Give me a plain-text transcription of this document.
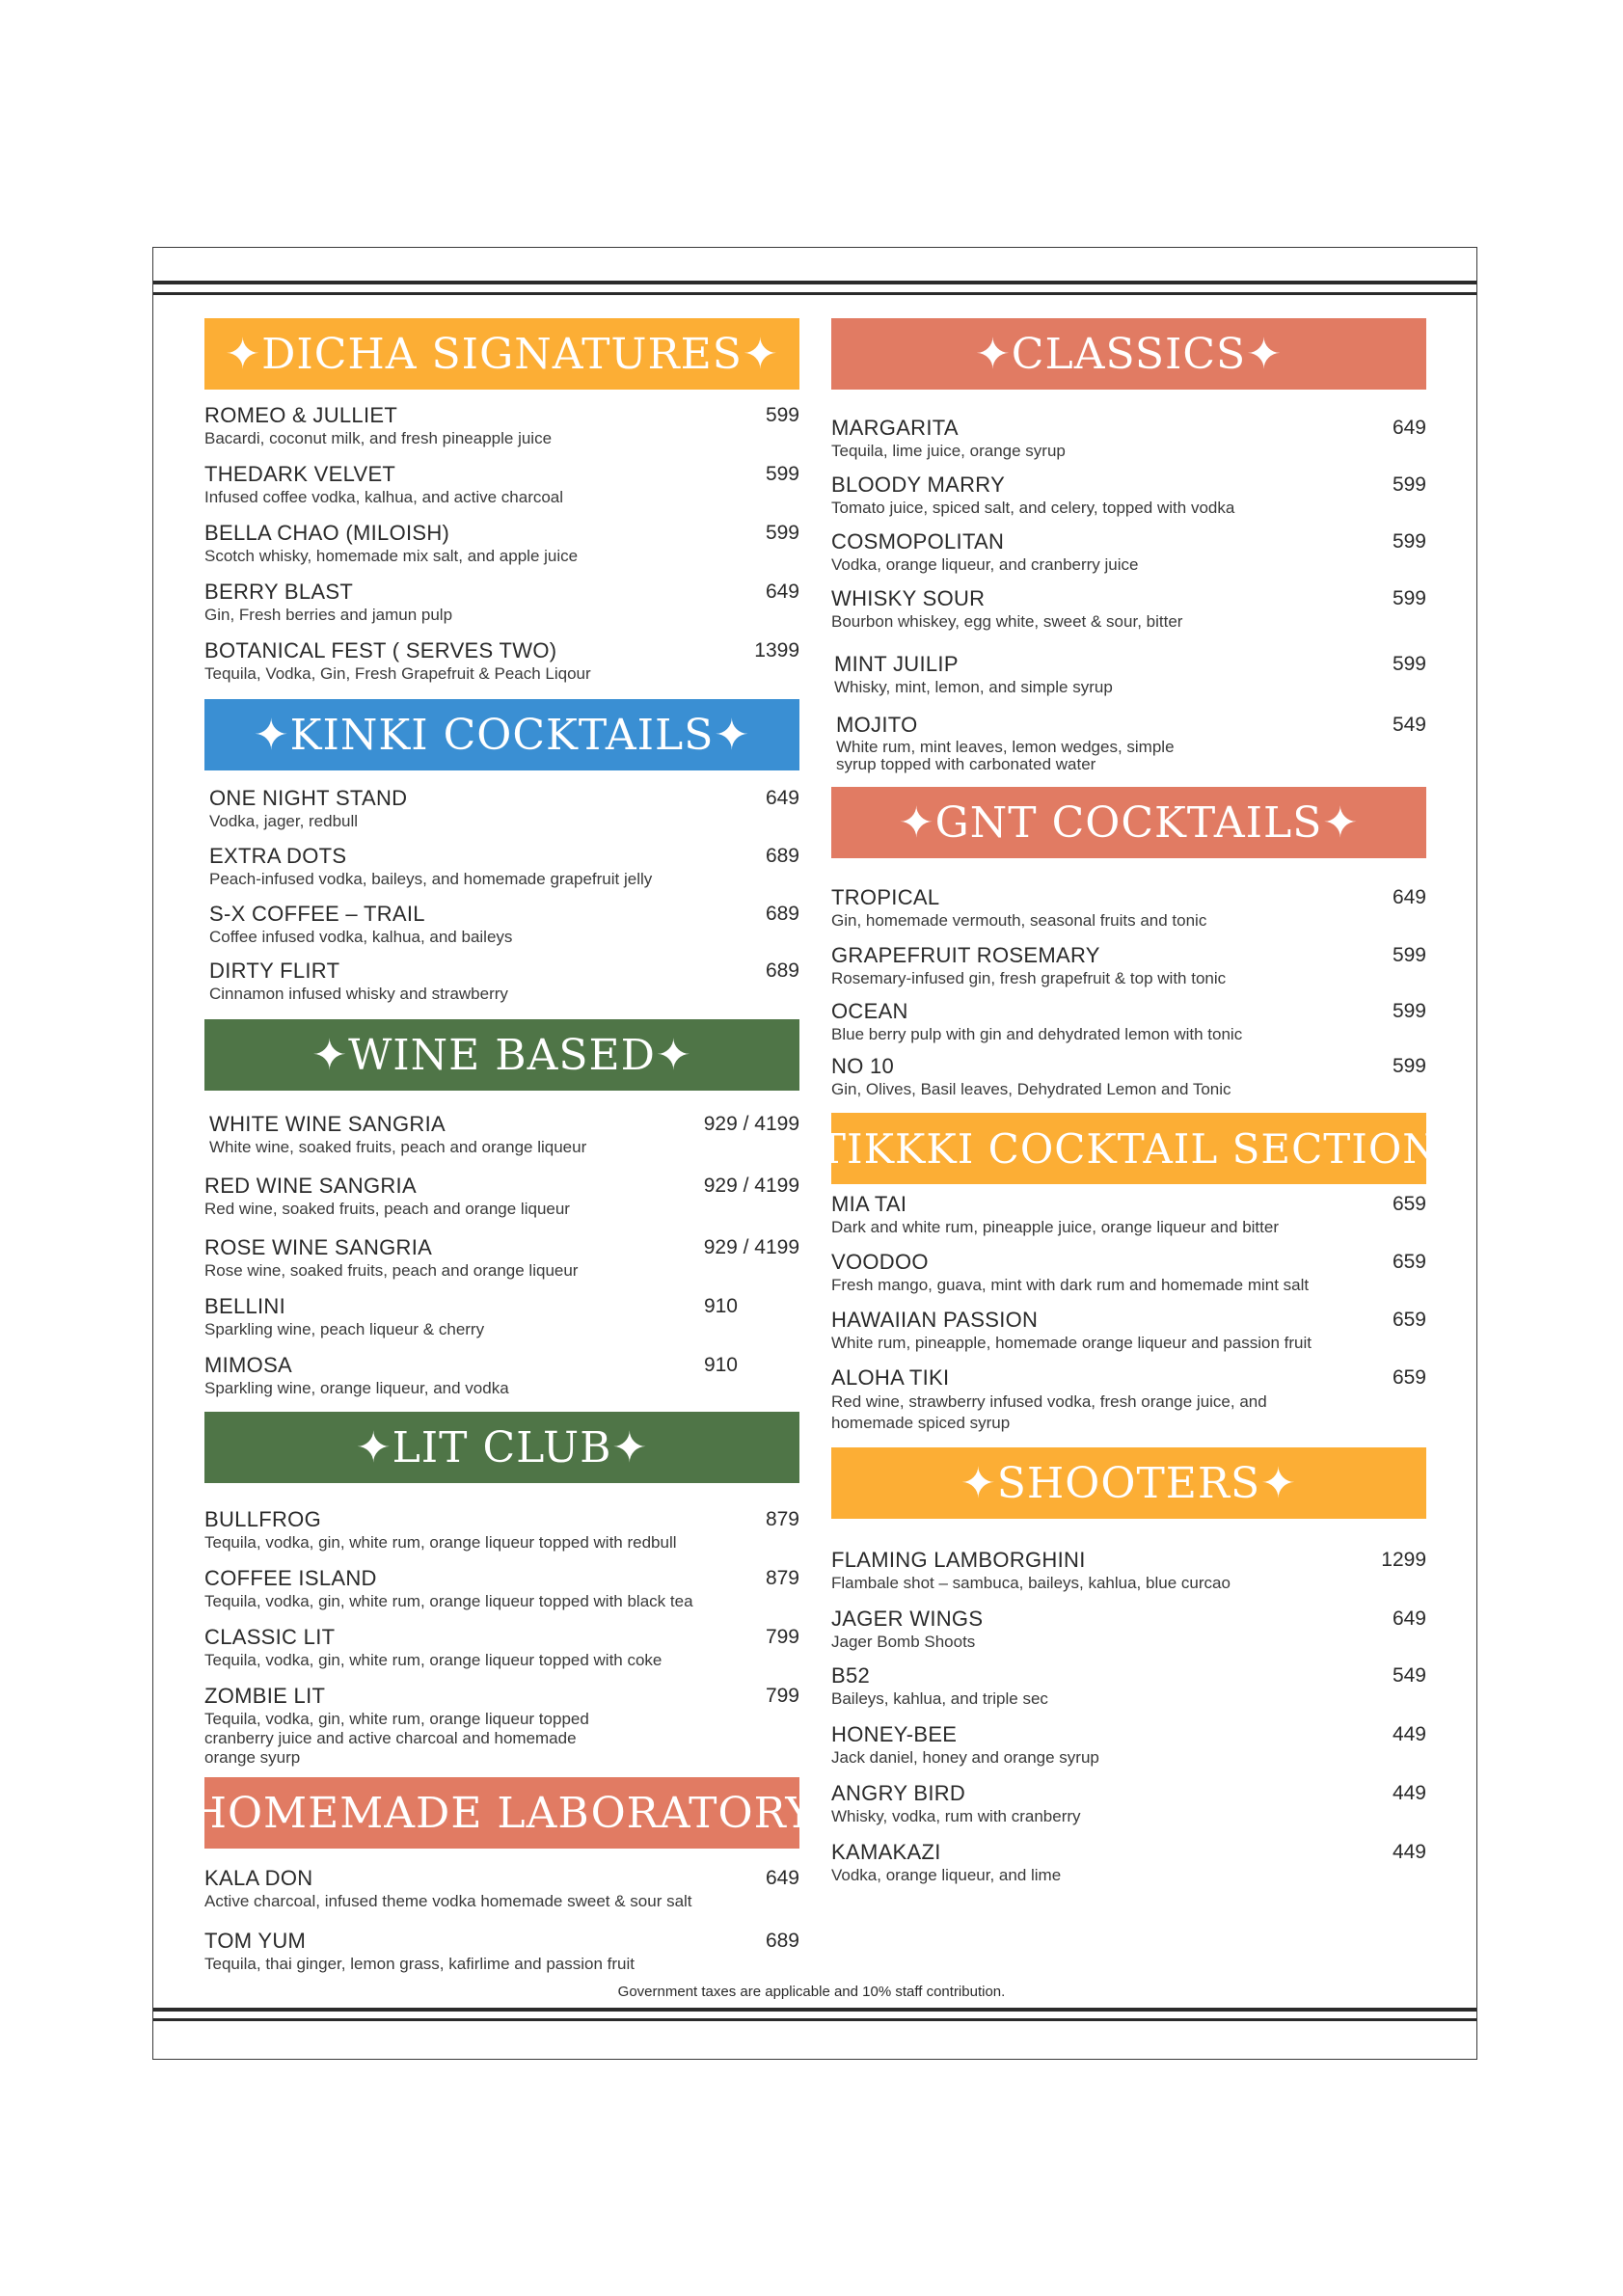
✦DICHA SIGNATURES✦
ROMEO & JULLIET
Bacardi, coconut milk, and fresh pineapple juice
599
THEDARK VELVET
Infused coffee vodka, kalhua, and active charcoal
599
BELLA CHAO (MILOISH)
Scotch whisky, homemade mix salt, and apple juice
599
BERRY BLAST
Gin, Fresh berries and jamun pulp
649
BOTANICAL FEST ( SERVES TWO)
Tequila, Vodka, Gin, Fresh Grapefruit & Peach Liqour
1399
✦KINKI COCKTAILS✦
ONE NIGHT STAND
Vodka, jager, redbull
649
EXTRA DOTS
Peach-infused vodka, baileys, and homemade grapefruit jelly
689
S-X COFFEE – TRAIL
Coffee infused vodka, kalhua, and baileys
689
DIRTY FLIRT
Cinnamon infused whisky and strawberry
689
✦WINE BASED✦
WHITE WINE SANGRIA
White wine, soaked fruits, peach and orange liqueur
929 / 4199
RED WINE SANGRIA
Red wine, soaked fruits, peach and orange liqueur
929 / 4199
ROSE WINE SANGRIA
Rose wine, soaked fruits, peach and orange liqueur
929 / 4199
BELLINI
Sparkling wine, peach liqueur & cherry
910
MIMOSA
Sparkling wine, orange liqueur, and vodka
910
✦LIT CLUB✦
BULLFROG
Tequila, vodka, gin, white rum, orange liqueur topped with redbull
879
COFFEE ISLAND
Tequila, vodka, gin, white rum, orange liqueur topped with black tea
879
CLASSIC LIT
Tequila, vodka, gin, white rum, orange liqueur topped with coke
799
ZOMBIE LIT
Tequila, vodka, gin, white rum, orange liqueur topped cranberry juice and active charcoal and homemade orange syurp
799
✦HOMEMADE LABORATORY✦
KALA DON
Active charcoal, infused theme vodka homemade sweet & sour salt
649
TOM YUM
Tequila, thai ginger, lemon grass, kafirlime and passion fruit
689
✦CLASSICS✦
MARGARITA
Tequila, lime juice, orange syrup
649
BLOODY MARRY
Tomato juice, spiced salt, and celery, topped with vodka
599
COSMOPOLITAN
Vodka, orange liqueur, and cranberry juice
599
WHISKY SOUR
Bourbon whiskey, egg white, sweet & sour, bitter
599
MINT JUILIP
Whisky, mint, lemon, and simple syrup
599
MOJITO
White rum, mint leaves, lemon wedges, simple syrup topped with carbonated water
549
✦GNT COCKTAILS✦
TROPICAL
Gin, homemade vermouth, seasonal fruits and tonic
649
GRAPEFRUIT ROSEMARY
Rosemary-infused gin, fresh grapefruit & top with tonic
599
OCEAN
Blue berry pulp with gin and dehydrated lemon with tonic
599
NO 10
Gin, Olives, Basil leaves, Dehydrated Lemon and Tonic
599
✦TIKKKI COCKTAIL SECTION✦
MIA TAI
Dark and white rum, pineapple juice, orange liqueur and bitter
659
VOODOO
Fresh mango, guava, mint with dark rum and homemade mint salt
659
HAWAIIAN PASSION
White rum, pineapple, homemade orange liqueur and passion fruit
659
ALOHA TIKI
Red wine, strawberry infused vodka, fresh orange juice, and homemade spiced syrup
659
✦SHOOTERS✦
FLAMING LAMBORGHINI
Flambale shot – sambuca, baileys, kahlua, blue curcao
1299
JAGER WINGS
Jager Bomb Shoots
649
B52
Baileys, kahlua, and triple sec
549
HONEY-BEE
Jack daniel, honey and orange syrup
449
ANGRY BIRD
Whisky, vodka, rum with cranberry
449
KAMAKAZI
Vodka, orange liqueur, and lime
449
Government taxes are applicable and 10% staff contribution.
